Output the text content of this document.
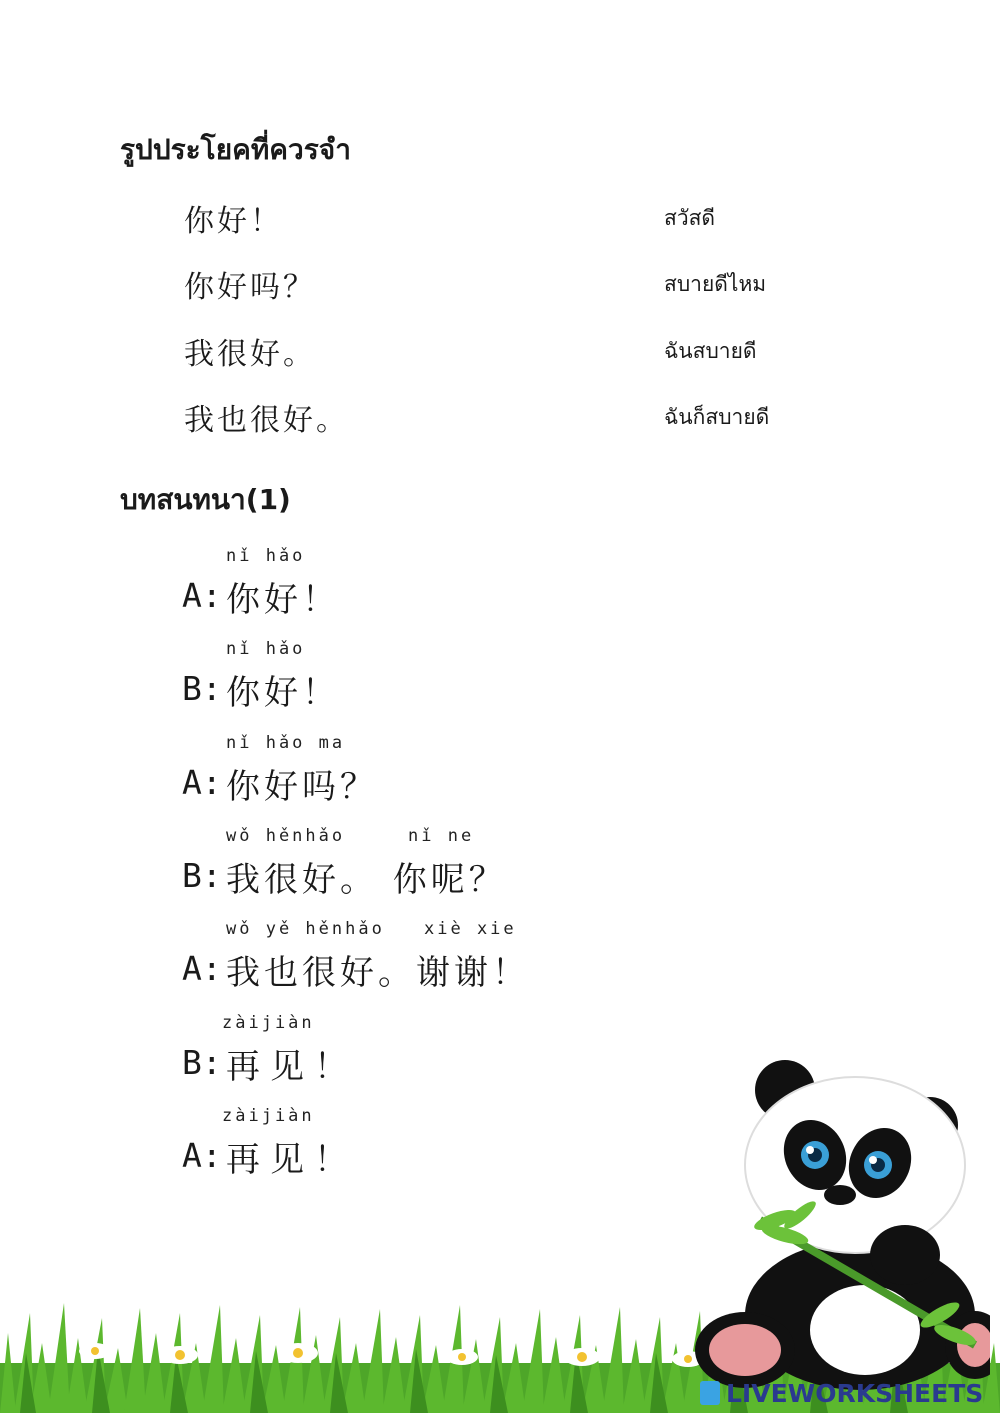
รูปประโยคที่ควรจำ
你好！	สวัสดี
你好吗？	สบายดีไหม
我很好。	ฉันสบายดี
我也很好。	ฉันก็สบายดี
บทสนทนา(1)
nǐ hǎo
A: 你好！
nǐ hǎo
B: 你好！
nǐ hǎo ma
A: 你好吗？
wǒ hěnhǎo	nǐ ne
B: 我很好。 你呢？
wǒ yě hěnhǎo xiè xie
A: 我也很好。谢谢！
zàijiàn
B: 再见！
zàijiàn
A: 再见！
LIVEWORKSHEETS
